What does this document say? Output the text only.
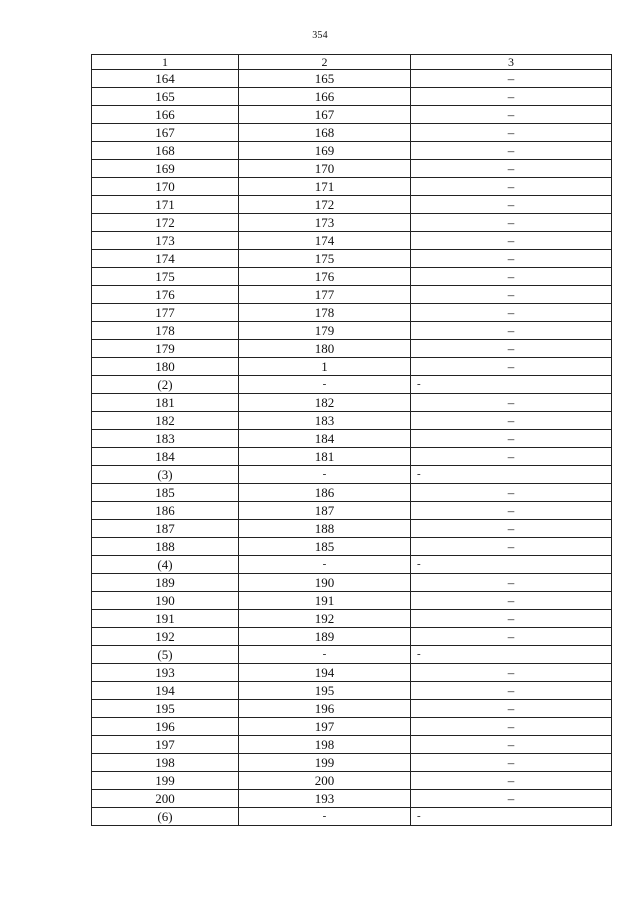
354
1	2	3
164	165	–
165	166	–
166	167	–
167	168	–
168	169	–
169	170	–
170	171	–
171	172	–
172	173	–
173	174	–
174	175	–
175	176	–
176	177	–
177	178	–
178	179	–
179	180	–
180	1	–
(2)	-	-
181	182	–
182	183	–
183	184	–
184	181	–
(3)	-	-
185	186	–
186	187	–
187	188	–
188	185	–
(4)	-	-
189	190	–
190	191	–
191	192	–
192	189	–
(5)	-	-
193	194	–
194	195	–
195	196	–
196	197	–
197	198	–
198	199	–
199	200	–
200	193	–
(6)	-	-
